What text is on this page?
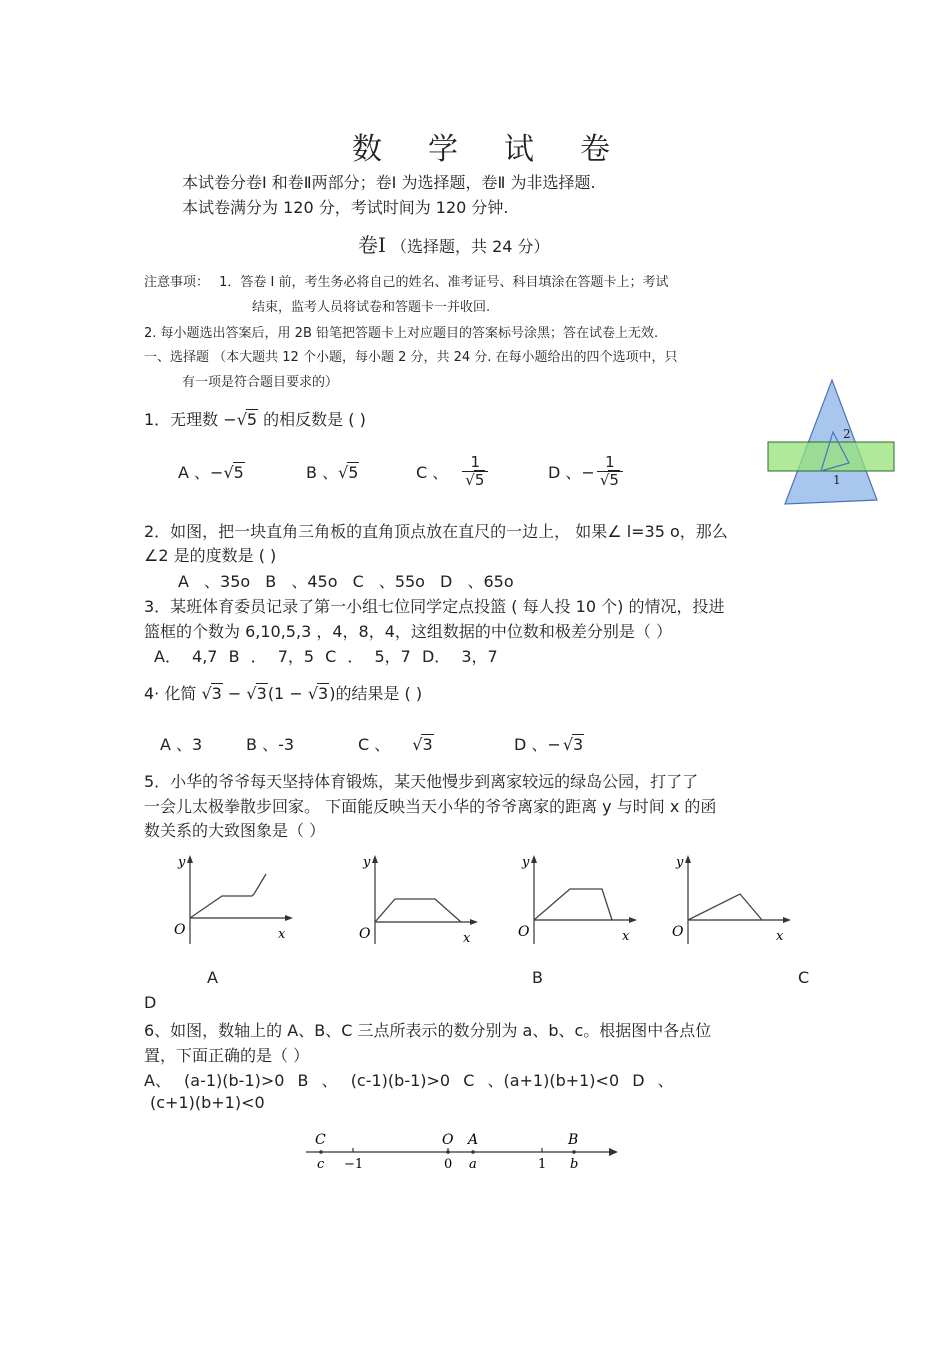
数 学 试 卷
本试卷分卷Ⅰ 和卷Ⅱ两部分；卷Ⅰ 为选择题，卷Ⅱ 为非选择题.
本试卷满分为 120 分，考试时间为 120 分钟.
卷Ⅰ （选择题，共 24 分）
注意事项： 1．答卷 Ⅰ 前，考生务必将自己的姓名、准考证号、科目填涂在答题卡上；考试
结束，监考人员将试卷和答题卡一并收回.
2. 每小题选出答案后，用 2B 铅笔把答题卡上对应题目的答案标号涂黑；答在试卷上无效.
一、选择题 （本大题共 12 个小题，每小题 2 分，共 24 分. 在每小题给出的四个选项中，只
有一项是符合题目要求的）
1．无理数 −√5 的相反数是 ( )
A 、−√5	B 、√5	C 、 $\frac{1}{√5}$	D 、− $\frac{1}{√5}$
2
1
2．如图，把一块直角三角板的直角顶点放在直尺的一边上， 如果∠ l=35 o，那么
∠2 是的度数是 ( )
A 、35o B 、45o C 、55o D 、65o
3．某班体育委员记录了第一小组七位同学定点投篮 ( 每人投 10 个) 的情况，投进
篮框的个数为 6,10,5,3 ，4，8，4，这组数据的中位数和极差分别是（ ）
A． 4,7 B ． 7，5 C ． 5，7 D． 3，7
4· 化简 √3 − √3(1 − √3)的结果是 ( )
A 、3	B 、-3	C 、 √3	D 、− √3
5．小华的爷爷每天坚持体育锻炼，某天他慢步到离家较远的绿岛公园，打了了
一会儿太极拳散步回家。 下面能反映当天小华的爷爷离家的距离 y 与时间 x 的函
数关系的大致图象是（ ）
y
x
O
y
x
O
y
x
O
y
x
O
A	B	C
D
6、如图，数轴上的 A、B、C 三点所表示的数分别为 a、b、c。根据图中各点位
置，下面正确的是（ ）
A、 (a-1)(b-1)>0 B 、 (c-1)(b-1)>0 C 、(a+1)(b+1)<0 D 、
(c+1)(b+1)<0
C	O A	B
c −1	0 a	1 b
